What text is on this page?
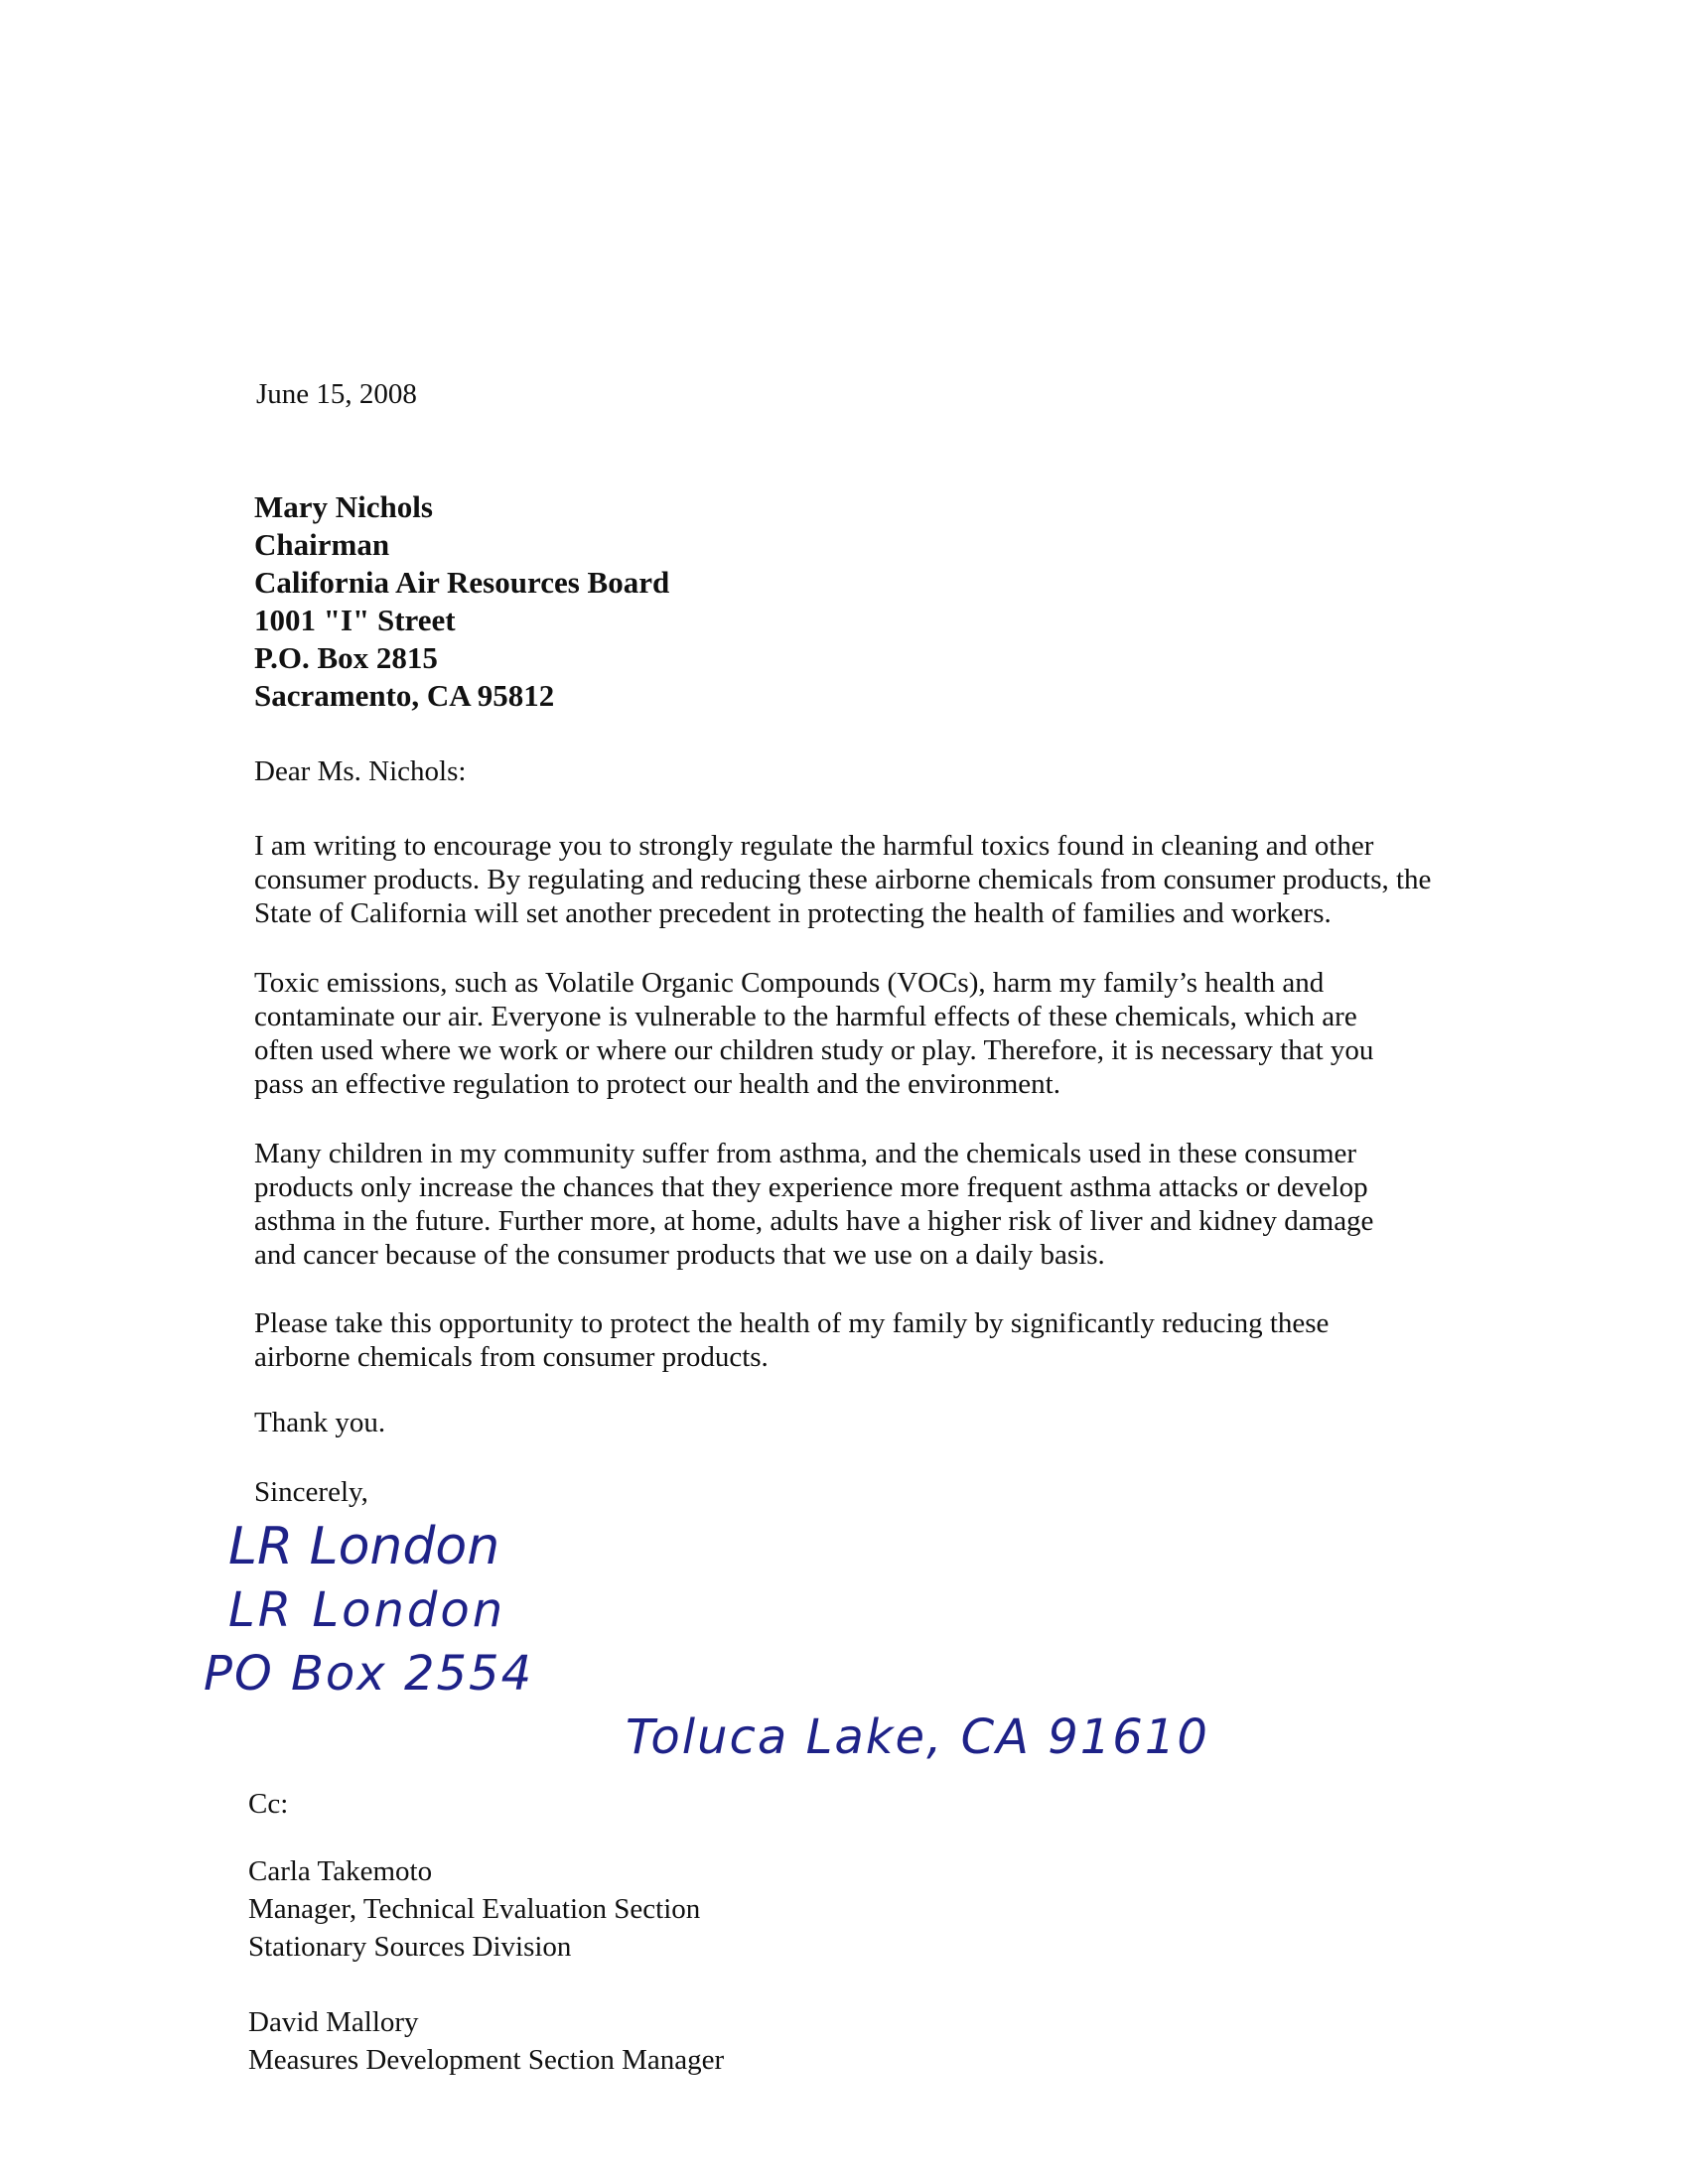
June 15, 2008
Mary Nichols
Chairman
California Air Resources Board
1001 "I" Street
P.O. Box 2815
Sacramento, CA 95812
Dear Ms. Nichols:
I am writing to encourage you to strongly regulate the harmful toxics found in cleaning and other
consumer products. By regulating and reducing these airborne chemicals from consumer products, the
State of California will set another precedent in protecting the health of families and workers.
Toxic emissions, such as Volatile Organic Compounds (VOCs), harm my family’s health and
contaminate our air. Everyone is vulnerable to the harmful effects of these chemicals, which are
often used where we work or where our children study or play. Therefore, it is necessary that you
pass an effective regulation to protect our health and the environment.
Many children in my community suffer from asthma, and the chemicals used in these consumer
products only increase the chances that they experience more frequent asthma attacks or develop
asthma in the future. Further more, at home, adults have a higher risk of liver and kidney damage
and cancer because of the consumer products that we use on a daily basis.
Please take this opportunity to protect the health of my family by significantly reducing these
airborne chemicals from consumer products.
Thank you.
Sincerely,
LR London
LR London
PO Box 2554
Toluca Lake, CA 91610
Cc:
Carla Takemoto
Manager, Technical Evaluation Section
Stationary Sources Division
David Mallory
Measures Development Section Manager
